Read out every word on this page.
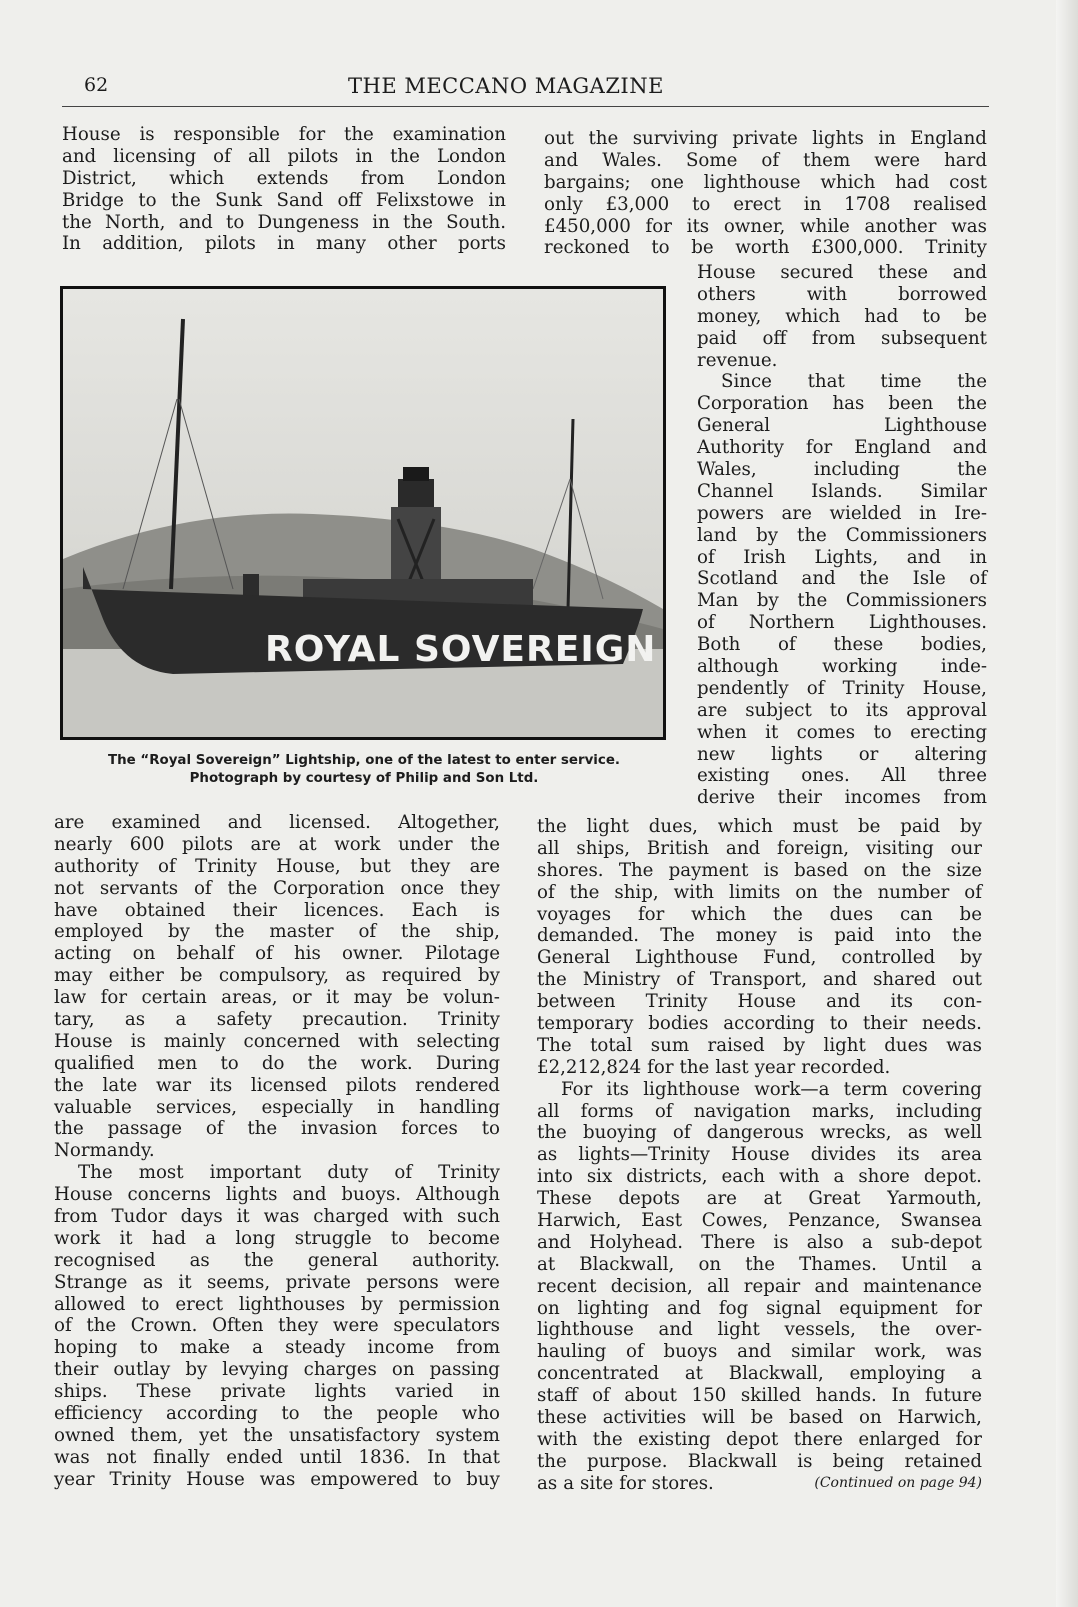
62	THE MECCANO MAGAZINE
House is responsible for the examination
and licensing of all pilots in the London
District, which extends from London
Bridge to the Sunk Sand off Felixstowe in
the North, and to Dungeness in the South.
In addition, pilots in many other ports
out the surviving private lights in England
and Wales. Some of them were hard
bargains; one lighthouse which had cost
only £3,000 to erect in 1708 realised
£450,000 for its owner, while another was
reckoned to be worth £300,000. Trinity
House secured these and
others	with	borrowed
money, which had to be
paid off from subsequent
revenue.
Since that time the
Corporation has been the
General	Lighthouse
Authority for England and
Wales,	including	the
Channel Islands. Similar
powers are wielded in Ire-
land by the Commissioners
of Irish Lights, and in
Scotland and the Isle of
Man by the Commissioners
of Northern Lighthouses.
Both of these bodies,
although working inde-
pendently of Trinity House,
are subject to its approval
when it comes to erecting
new lights or altering
existing ones. All three
derive their incomes from
ROYAL SOVEREIGN
The “Royal Sovereign” Lightship, one of the latest to enter service.
Photograph by courtesy of Philip and Son Ltd.
are examined and licensed. Altogether,
nearly 600 pilots are at work under the
authority of Trinity House, but they are
not servants of the Corporation once they
have obtained their licences. Each is
employed by the master of the ship,
acting on behalf of his owner. Pilotage
may either be compulsory, as required by
law for certain areas, or it may be volun-
tary, as a safety precaution. Trinity
House is mainly concerned with selecting
qualified men to do the work. During
the late war its licensed pilots rendered
valuable services, especially in handling
the passage of the invasion forces to
Normandy.
The most important duty of Trinity
House concerns lights and buoys. Although
from Tudor days it was charged with such
work it had a long struggle to become
recognised as the general authority.
Strange as it seems, private persons were
allowed to erect lighthouses by permission
of the Crown. Often they were speculators
hoping to make a steady income from
their outlay by levying charges on passing
ships. These private lights varied in
efficiency according to the people who
owned them, yet the unsatisfactory system
was not finally ended until 1836. In that
year Trinity House was empowered to buy
the light dues, which must be paid by
all ships, British and foreign, visiting our
shores. The payment is based on the size
of the ship, with limits on the number of
voyages for which the dues can be
demanded. The money is paid into the
General Lighthouse Fund, controlled by
the Ministry of Transport, and shared out
between Trinity House and its con-
temporary bodies according to their needs.
The total sum raised by light dues was
£2,212,824 for the last year recorded.
For its lighthouse work—a term covering
all forms of navigation marks, including
the buoying of dangerous wrecks, as well
as lights—Trinity House divides its area
into six districts, each with a shore depot.
These depots are at Great Yarmouth,
Harwich, East Cowes, Penzance, Swansea
and Holyhead. There is also a sub-depot
at Blackwall, on the Thames. Until a
recent decision, all repair and maintenance
on lighting and fog signal equipment for
lighthouse and light vessels, the over-
hauling of buoys and similar work, was
concentrated at Blackwall, employing a
staff of about 150 skilled hands. In future
these activities will be based on Harwich,
with the existing depot there enlarged for
the purpose. Blackwall is being retained
as a site for stores.	(Continued on page 94)
